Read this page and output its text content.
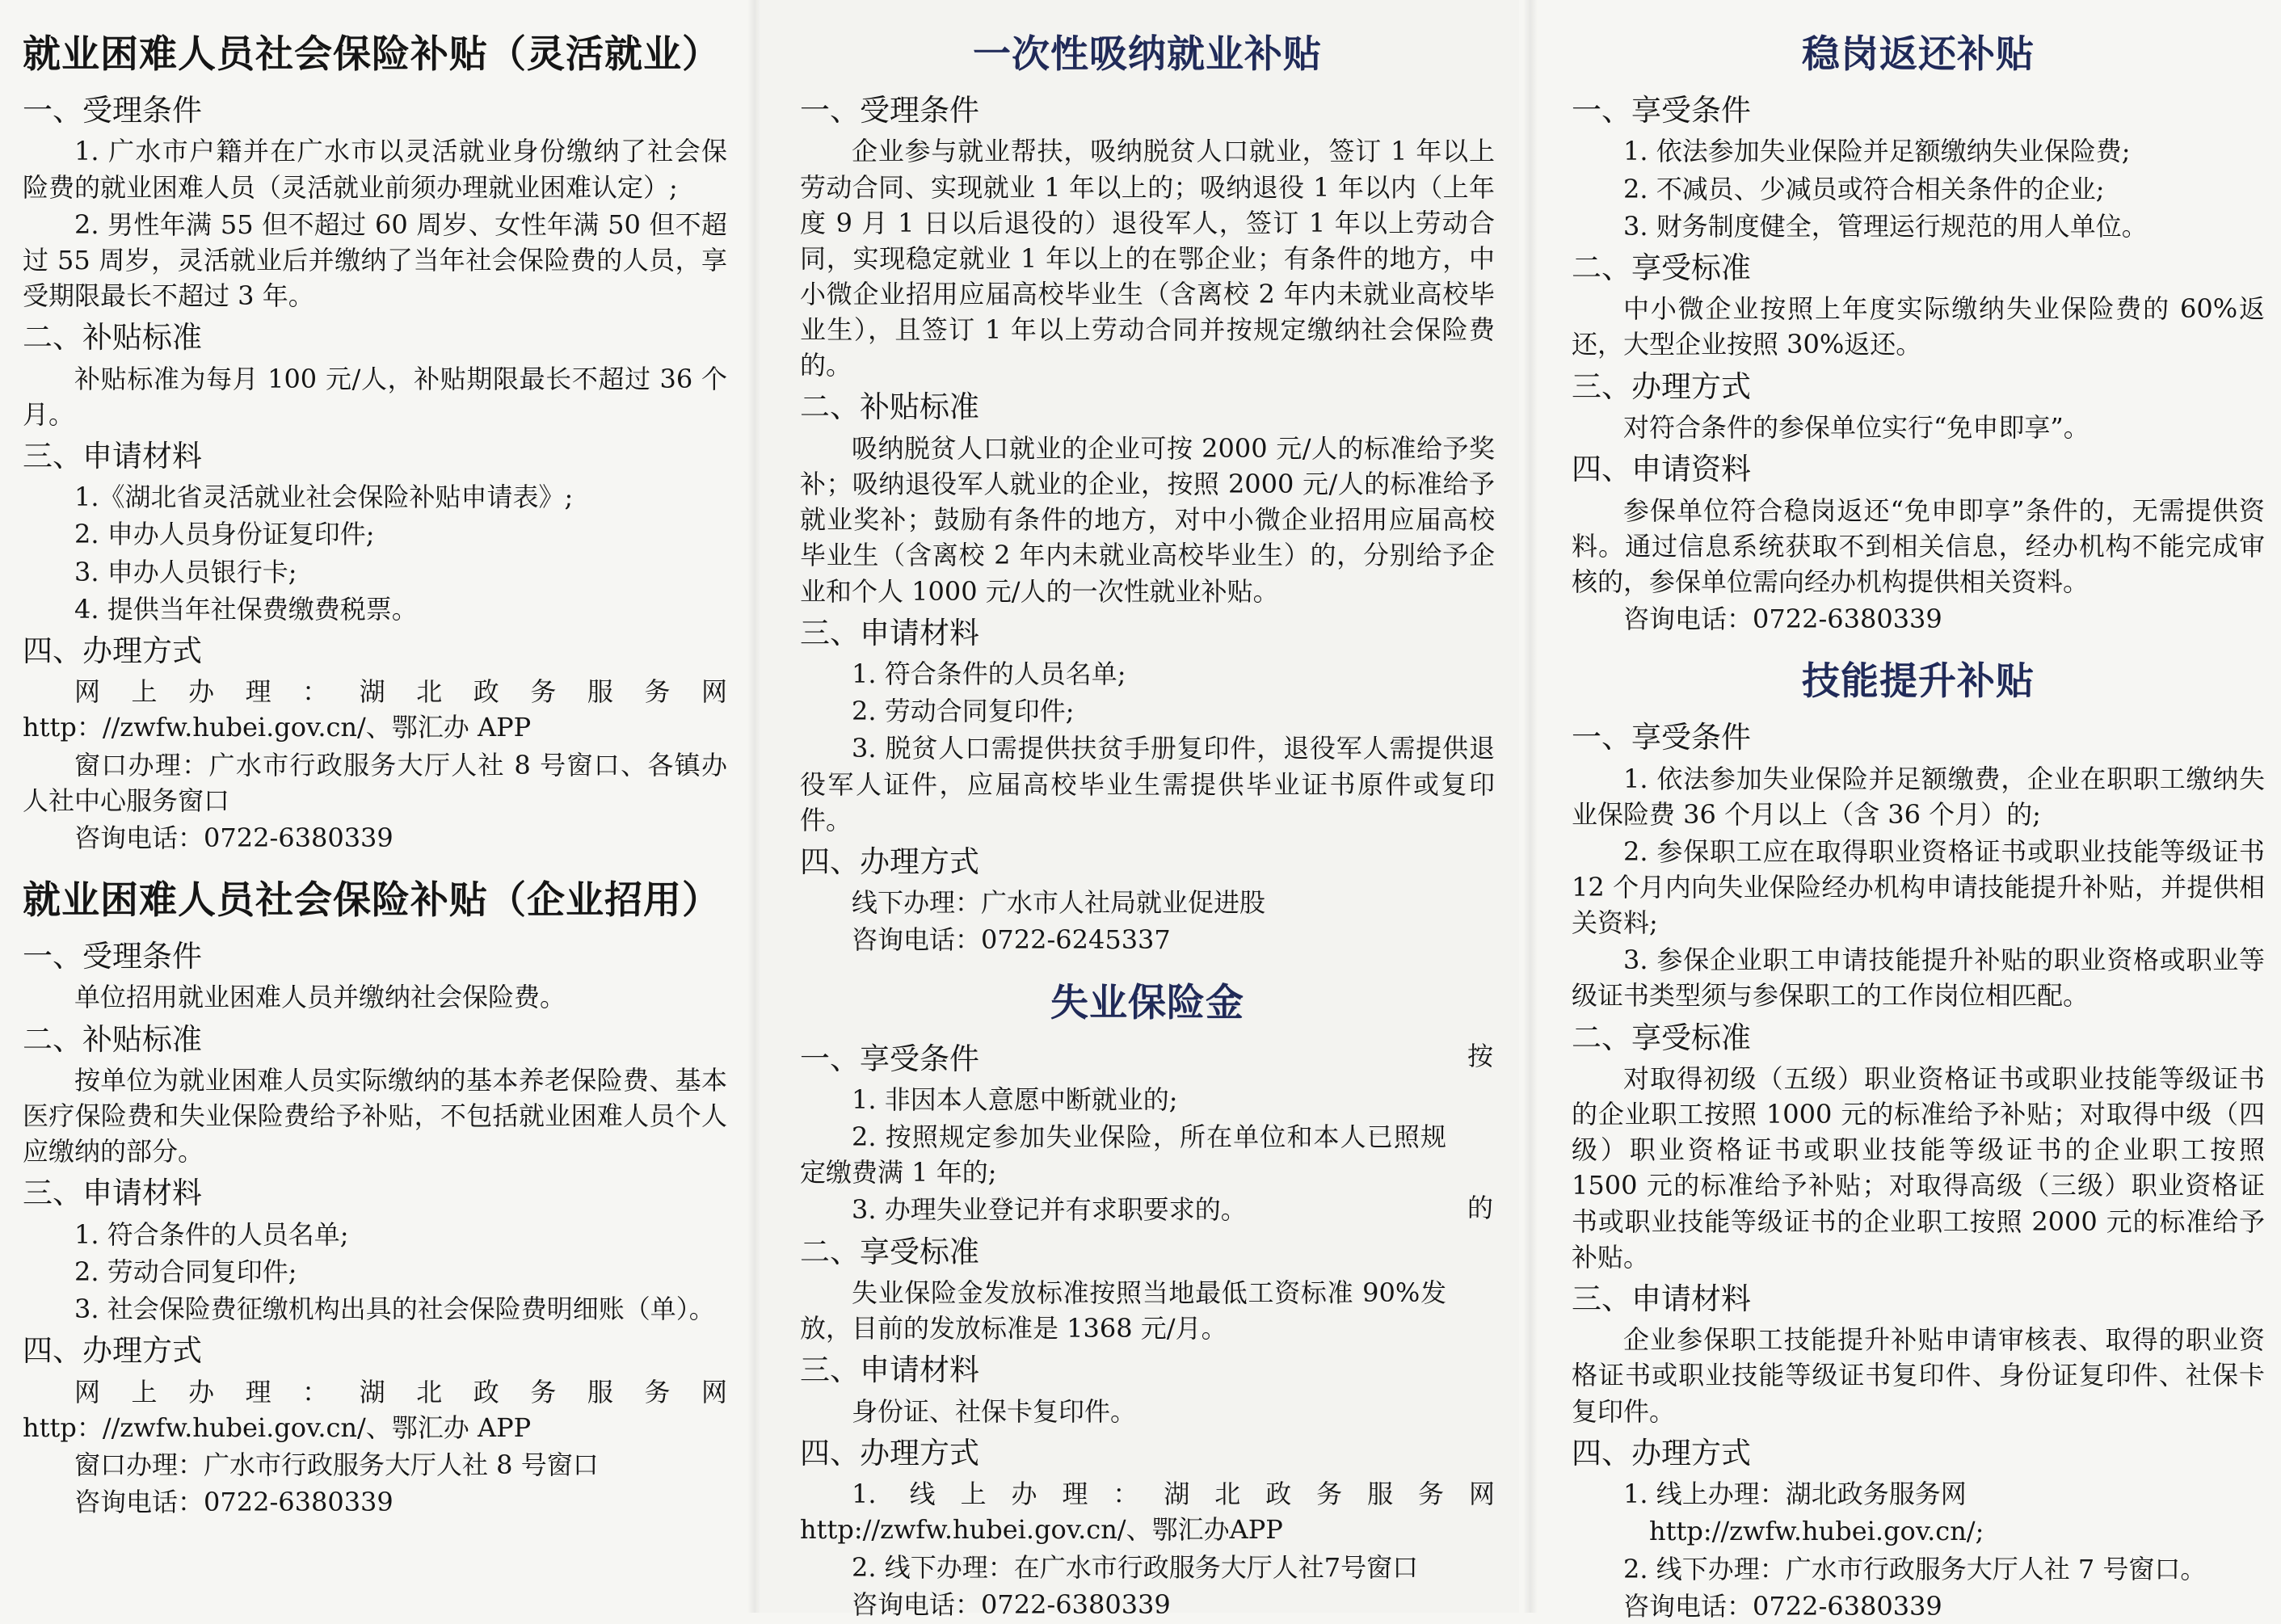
就业困难人员社会保险补贴（灵活就业）
一、受理条件
1. 广水市户籍并在广水市以灵活就业身份缴纳了社会保险费的就业困难人员（灵活就业前须办理就业困难认定）;
2. 男性年满 55 但不超过 60 周岁、女性年满 50 但不超过 55 周岁，灵活就业后并缴纳了当年社会保险费的人员，享受期限最长不超过 3 年。
二、补贴标准
补贴标准为每月 100 元/人，补贴期限最长不超过 36 个月。
三、申请材料
1.《湖北省灵活就业社会保险补贴申请表》;
2. 申办人员身份证复印件;
3. 申办人员银行卡;
4. 提供当年社保费缴费税票。
四、办理方式
网上办理：湖北政务服务网 http：//zwfw.hubei.gov.cn/、鄂汇办 APP
窗口办理：广水市行政服务大厅人社 8 号窗口、各镇办人社中心服务窗口
咨询电话：0722-6380339
就业困难人员社会保险补贴（企业招用）
一、受理条件
单位招用就业困难人员并缴纳社会保险费。
二、补贴标准
按单位为就业困难人员实际缴纳的基本养老保险费、基本医疗保险费和失业保险费给予补贴，不包括就业困难人员个人应缴纳的部分。
三、申请材料
1. 符合条件的人员名单;
2. 劳动合同复印件;
3. 社会保险费征缴机构出具的社会保险费明细账（单）。
四、办理方式
网上办理：湖北政务服务网 http：//zwfw.hubei.gov.cn/、鄂汇办 APP
窗口办理：广水市行政服务大厅人社 8 号窗口
咨询电话：0722-6380339
一次性吸纳就业补贴
一、受理条件
企业参与就业帮扶，吸纳脱贫人口就业，签订 1 年以上劳动合同、实现就业 1 年以上的；吸纳退役 1 年以内（上年度 9 月 1 日以后退役的）退役军人，签订 1 年以上劳动合同，实现稳定就业 1 年以上的在鄂企业；有条件的地方，中小微企业招用应届高校毕业生（含离校 2 年内未就业高校毕业生），且签订 1 年以上劳动合同并按规定缴纳社会保险费的。
二、补贴标准
吸纳脱贫人口就业的企业可按 2000 元/人的标准给予奖补；吸纳退役军人就业的企业，按照 2000 元/人的标准给予就业奖补；鼓励有条件的地方，对中小微企业招用应届高校毕业生（含离校 2 年内未就业高校毕业生）的，分别给予企业和个人 1000 元/人的一次性就业补贴。
三、申请材料
1. 符合条件的人员名单;
2. 劳动合同复印件;
3. 脱贫人口需提供扶贫手册复印件，退役军人需提供退役军人证件，应届高校毕业生需提供毕业证书原件或复印件。
四、办理方式
线下办理：广水市人社局就业促进股
咨询电话：0722-6245337
失业保险金
一、享受条件
1. 非因本人意愿中断就业的;
2. 按照规定参加失业保险，所在单位和本人已照规定缴费满 1 年的;
3. 办理失业登记并有求职要求的。
二、享受标准
失业保险金发放标准按照当地最低工资标准 90%发放，目前的发放标准是 1368 元/月。
三、申请材料
身份证、社保卡复印件。
四、办理方式
1. 线上办理：湖北政务服务网 http://zwfw.hubei.gov.cn/、鄂汇办APP
2. 线下办理：在广水市行政服务大厅人社7号窗口
咨询电话：0722-6380339
按
的
稳岗返还补贴
一、享受条件
1. 依法参加失业保险并足额缴纳失业保险费;
2. 不减员、少减员或符合相关条件的企业;
3. 财务制度健全，管理运行规范的用人单位。
二、享受标准
中小微企业按照上年度实际缴纳失业保险费的 60%返还，大型企业按照 30%返还。
三、办理方式
对符合条件的参保单位实行“免申即享”。
四、申请资料
参保单位符合稳岗返还“免申即享”条件的，无需提供资料。通过信息系统获取不到相关信息，经办机构不能完成审核的，参保单位需向经办机构提供相关资料。
咨询电话：0722-6380339
技能提升补贴
一、享受条件
1. 依法参加失业保险并足额缴费，企业在职职工缴纳失业保险费 36 个月以上（含 36 个月）的;
2. 参保职工应在取得职业资格证书或职业技能等级证书 12 个月内向失业保险经办机构申请技能提升补贴，并提供相关资料;
3. 参保企业职工申请技能提升补贴的职业资格或职业等级证书类型须与参保职工的工作岗位相匹配。
二、享受标准
对取得初级（五级）职业资格证书或职业技能等级证书的企业职工按照 1000 元的标准给予补贴；对取得中级（四级）职业资格证书或职业技能等级证书的企业职工按照 1500 元的标准给予补贴；对取得高级（三级）职业资格证书或职业技能等级证书的企业职工按照 2000 元的标准给予补贴。
三、申请材料
企业参保职工技能提升补贴申请审核表、取得的职业资格证书或职业技能等级证书复印件、身份证复印件、社保卡复印件。
四、办理方式
1. 线上办理：湖北政务服务网
http://zwfw.hubei.gov.cn/;
2. 线下办理：广水市行政服务大厅人社 7 号窗口。
咨询电话：0722-6380339
